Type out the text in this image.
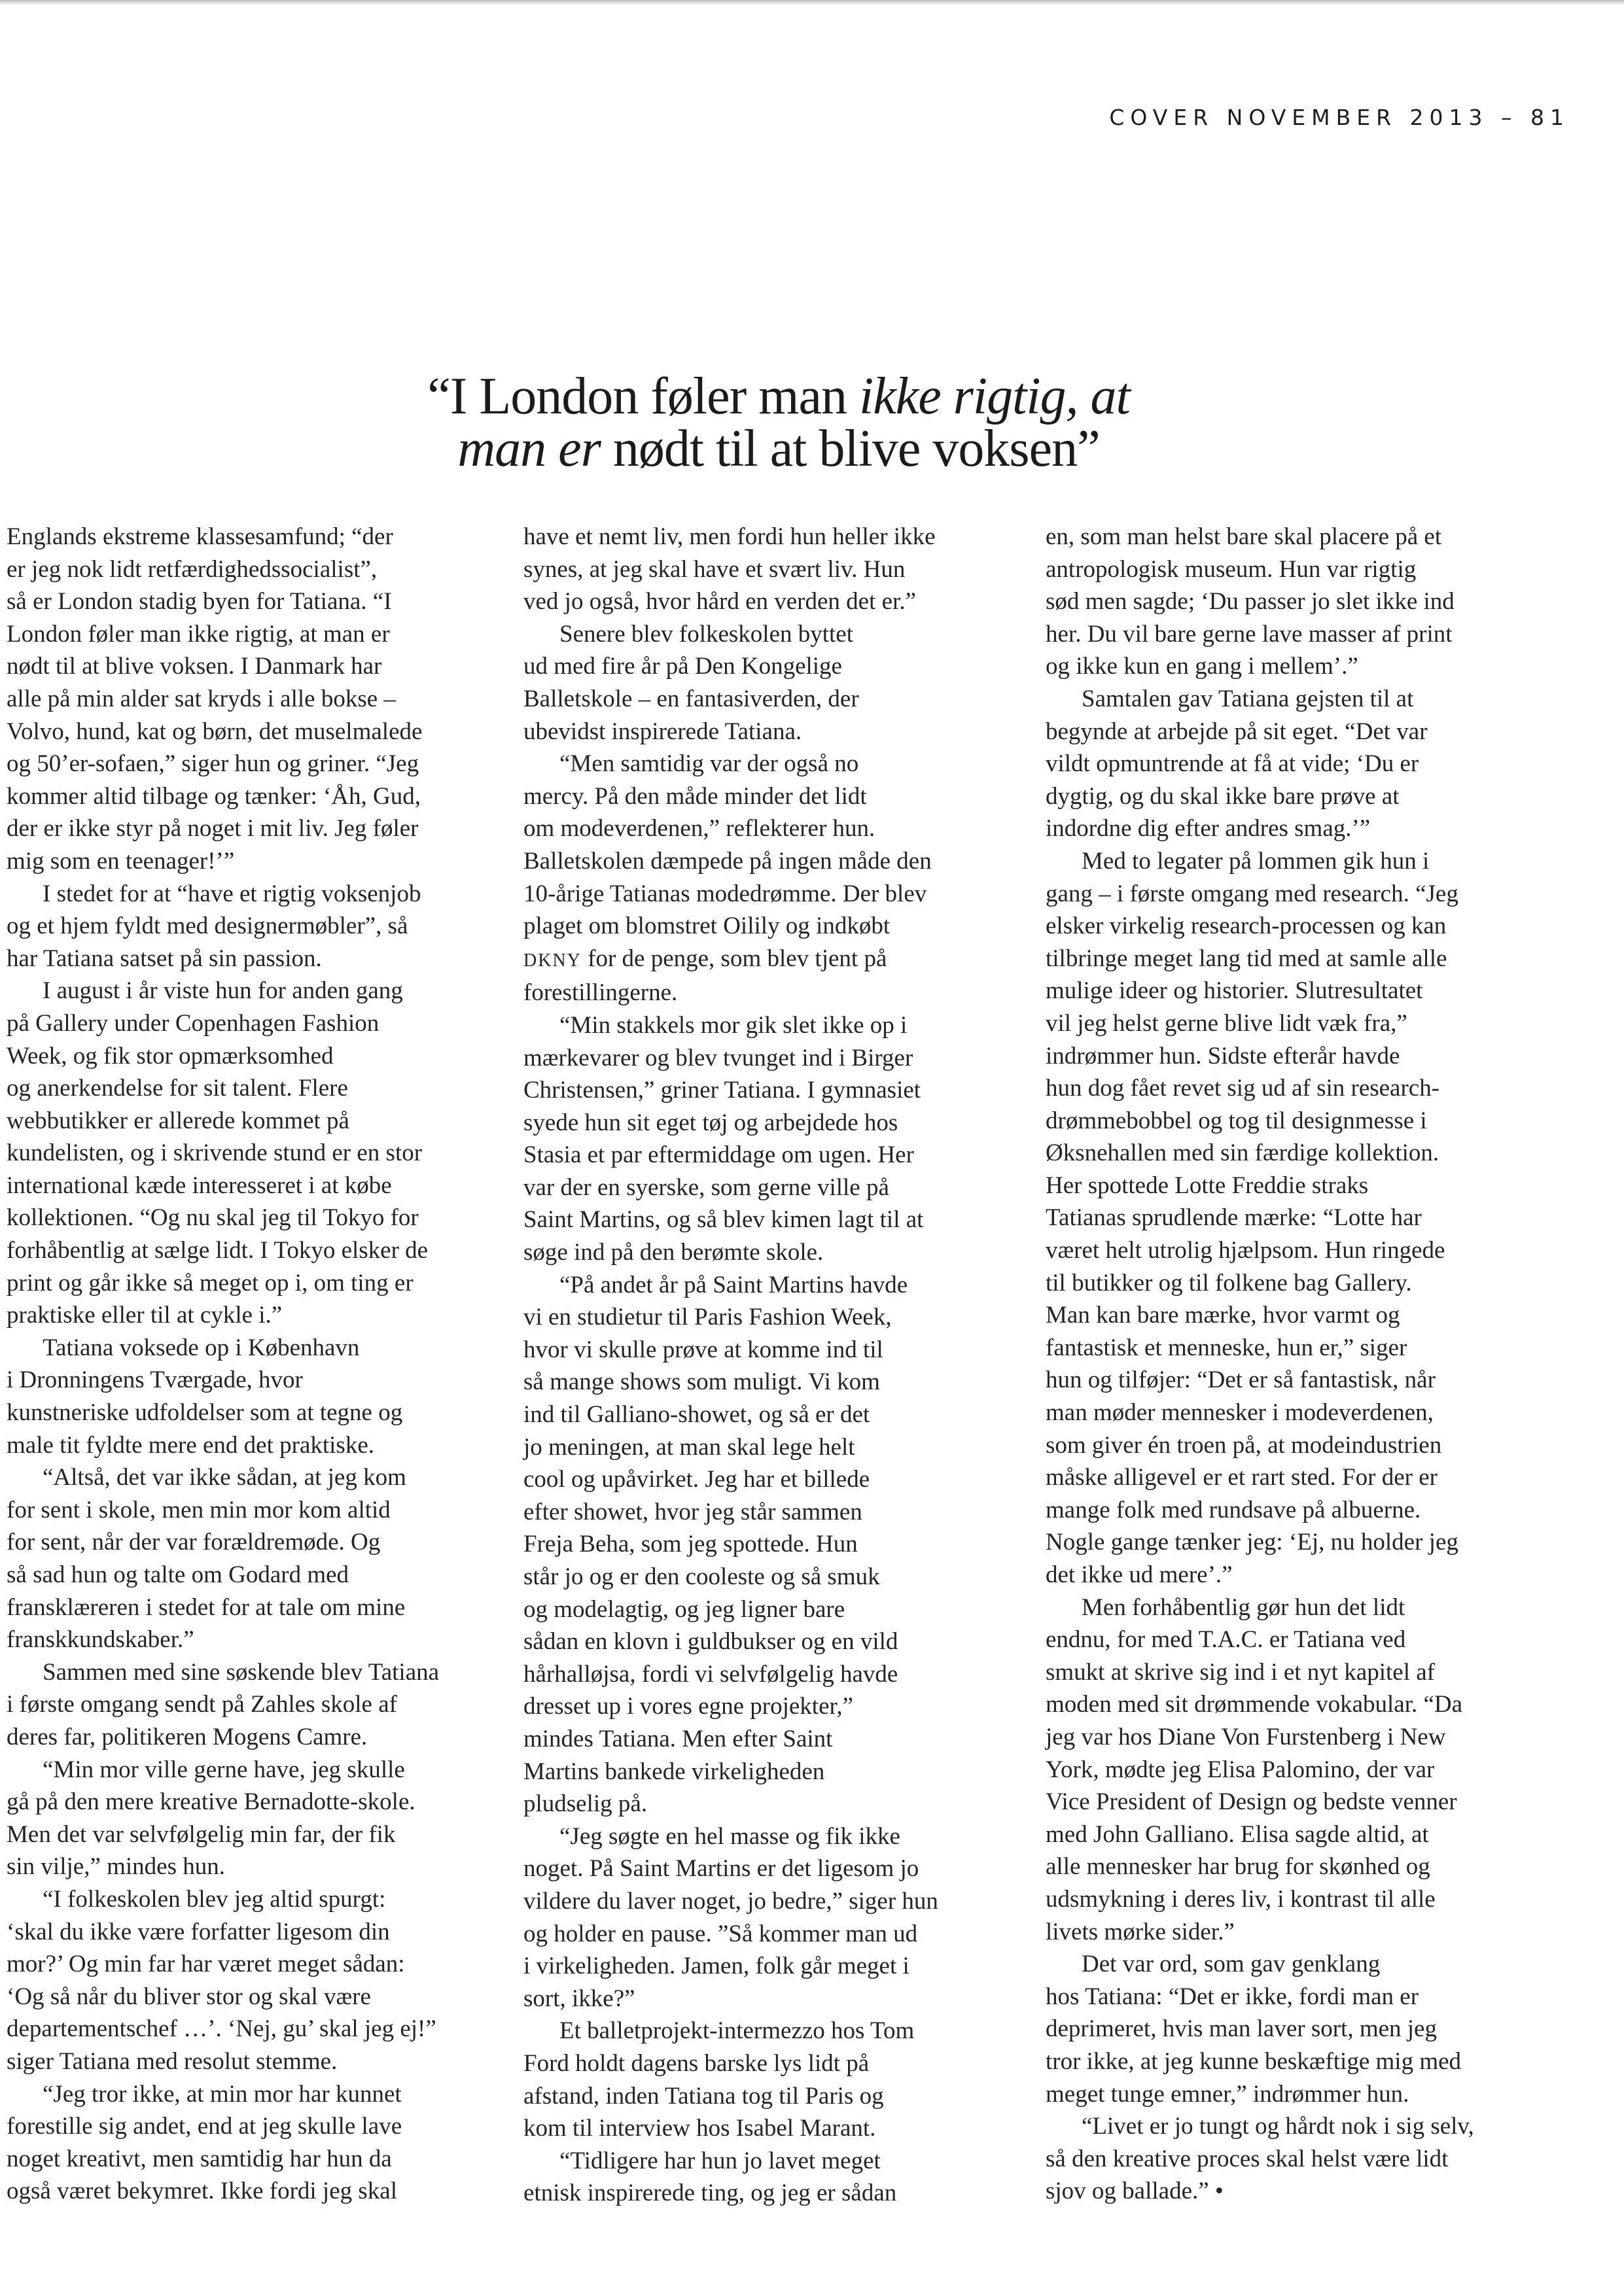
COVER NOVEMBER 2013 – 81
“I London føler man ikke rigtig, at
man er nødt til at blive voksen”
Englands ekstreme klassesamfund; “der
er jeg nok lidt retfærdighedssocialist”,
så er London stadig byen for Tatiana. “I
London føler man ikke rigtig, at man er
nødt til at blive voksen. I Danmark har
alle på min alder sat kryds i alle bokse –
Volvo, hund, kat og børn, det muselmalede
og 50’er-sofaen,” siger hun og griner. “Jeg
kommer altid tilbage og tænker: ‘Åh, Gud,
der er ikke styr på noget i mit liv. Jeg føler
mig som en teenager!’”
I stedet for at “have et rigtig voksenjob
og et hjem fyldt med designermøbler”, så
har Tatiana satset på sin passion.
I august i år viste hun for anden gang
på Gallery under Copenhagen Fashion
Week, og fik stor opmærksomhed
og anerkendelse for sit talent. Flere
webbutikker er allerede kommet på
kundelisten, og i skrivende stund er en stor
international kæde interesseret i at købe
kollektionen. “Og nu skal jeg til Tokyo for
forhåbentlig at sælge lidt. I Tokyo elsker de
print og går ikke så meget op i, om ting er
praktiske eller til at cykle i.”
Tatiana voksede op i København
i Dronningens Tværgade, hvor
kunstneriske udfoldelser som at tegne og
male tit fyldte mere end det praktiske.
“Altså, det var ikke sådan, at jeg kom
for sent i skole, men min mor kom altid
for sent, når der var forældremøde. Og
så sad hun og talte om Godard med
fransklæreren i stedet for at tale om mine
franskkundskaber.”
Sammen med sine søskende blev Tatiana
i første omgang sendt på Zahles skole af
deres far, politikeren Mogens Camre.
“Min mor ville gerne have, jeg skulle
gå på den mere kreative Bernadotte-skole.
Men det var selvfølgelig min far, der fik
sin vilje,” mindes hun.
“I folkeskolen blev jeg altid spurgt:
‘skal du ikke være forfatter ligesom din
mor?’ Og min far har været meget sådan:
‘Og så når du bliver stor og skal være
departementschef …’. ‘Nej, gu’ skal jeg ej!”
siger Tatiana med resolut stemme.
“Jeg tror ikke, at min mor har kunnet
forestille sig andet, end at jeg skulle lave
noget kreativt, men samtidig har hun da
også været bekymret. Ikke fordi jeg skal
have et nemt liv, men fordi hun heller ikke
synes, at jeg skal have et svært liv. Hun
ved jo også, hvor hård en verden det er.”
Senere blev folkeskolen byttet
ud med fire år på Den Kongelige
Balletskole – en fantasiverden, der
ubevidst inspirerede Tatiana.
“Men samtidig var der også no
mercy. På den måde minder det lidt
om modeverdenen,” reflekterer hun.
Balletskolen dæmpede på ingen måde den
10-årige Tatianas modedrømme. Der blev
plaget om blomstret Oilily og indkøbt
DKNY for de penge, som blev tjent på
forestillingerne.
“Min stakkels mor gik slet ikke op i
mærkevarer og blev tvunget ind i Birger
Christensen,” griner Tatiana. I gymnasiet
syede hun sit eget tøj og arbejdede hos
Stasia et par eftermiddage om ugen. Her
var der en syerske, som gerne ville på
Saint Martins, og så blev kimen lagt til at
søge ind på den berømte skole.
“På andet år på Saint Martins havde
vi en studietur til Paris Fashion Week,
hvor vi skulle prøve at komme ind til
så mange shows som muligt. Vi kom
ind til Galliano-showet, og så er det
jo meningen, at man skal lege helt
cool og upåvirket. Jeg har et billede
efter showet, hvor jeg står sammen
Freja Beha, som jeg spottede. Hun
står jo og er den cooleste og så smuk
og modelagtig, og jeg ligner bare
sådan en klovn i guldbukser og en vild
hårhalløjsa, fordi vi selvfølgelig havde
dresset up i vores egne projekter,”
mindes Tatiana. Men efter Saint
Martins bankede virkeligheden
pludselig på.
“Jeg søgte en hel masse og fik ikke
noget. På Saint Martins er det ligesom jo
vildere du laver noget, jo bedre,” siger hun
og holder en pause. ”Så kommer man ud
i virkeligheden. Jamen, folk går meget i
sort, ikke?”
Et balletprojekt-intermezzo hos Tom
Ford holdt dagens barske lys lidt på
afstand, inden Tatiana tog til Paris og
kom til interview hos Isabel Marant.
“Tidligere har hun jo lavet meget
etnisk inspirerede ting, og jeg er sådan
en, som man helst bare skal placere på et
antropologisk museum. Hun var rigtig
sød men sagde; ‘Du passer jo slet ikke ind
her. Du vil bare gerne lave masser af print
og ikke kun en gang i mellem’.”
Samtalen gav Tatiana gejsten til at
begynde at arbejde på sit eget. “Det var
vildt opmuntrende at få at vide; ‘Du er
dygtig, og du skal ikke bare prøve at
indordne dig efter andres smag.’”
Med to legater på lommen gik hun i
gang – i første omgang med research. “Jeg
elsker virkelig research-processen og kan
tilbringe meget lang tid med at samle alle
mulige ideer og historier. Slutresultatet
vil jeg helst gerne blive lidt væk fra,”
indrømmer hun. Sidste efterår havde
hun dog fået revet sig ud af sin research-
drømmebobbel og tog til designmesse i
Øksnehallen med sin færdige kollektion.
Her spottede Lotte Freddie straks
Tatianas sprudlende mærke: “Lotte har
været helt utrolig hjælpsom. Hun ringede
til butikker og til folkene bag Gallery.
Man kan bare mærke, hvor varmt og
fantastisk et menneske, hun er,” siger
hun og tilføjer: “Det er så fantastisk, når
man møder mennesker i modeverdenen,
som giver én troen på, at modeindustrien
måske alligevel er et rart sted. For der er
mange folk med rundsave på albuerne.
Nogle gange tænker jeg: ‘Ej, nu holder jeg
det ikke ud mere’.”
Men forhåbentlig gør hun det lidt
endnu, for med T.A.C. er Tatiana ved
smukt at skrive sig ind i et nyt kapitel af
moden med sit drømmende vokabular. “Da
jeg var hos Diane Von Furstenberg i New
York, mødte jeg Elisa Palomino, der var
Vice President of Design og bedste venner
med John Galliano. Elisa sagde altid, at
alle mennesker har brug for skønhed og
udsmykning i deres liv, i kontrast til alle
livets mørke sider.”
Det var ord, som gav genklang
hos Tatiana: “Det er ikke, fordi man er
deprimeret, hvis man laver sort, men jeg
tror ikke, at jeg kunne beskæftige mig med
meget tunge emner,” indrømmer hun.
“Livet er jo tungt og hårdt nok i sig selv,
så den kreative proces skal helst være lidt
sjov og ballade.” •
